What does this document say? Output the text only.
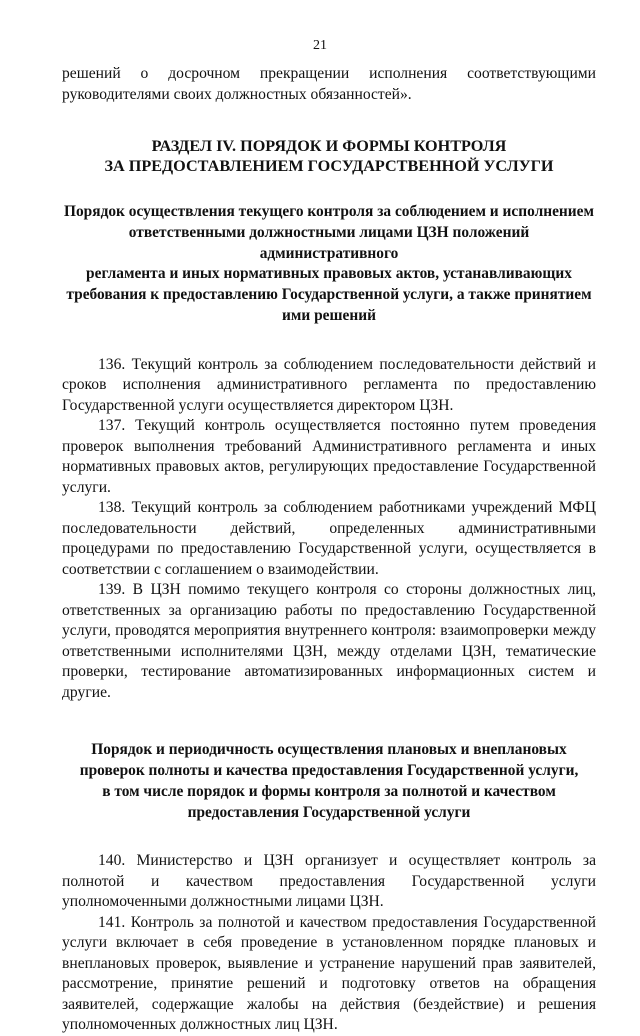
21

решений о досрочном прекращении исполнения соответствующими руководителями своих должностных обязанностей».

РАЗДЕЛ IV. ПОРЯДОК И ФОРМЫ КОНТРОЛЯ
ЗА ПРЕДОСТАВЛЕНИЕМ ГОСУДАРСТВЕННОЙ УСЛУГИ
Порядок осуществления текущего контроля за соблюдением и исполнением
ответственными должностными лицами ЦЗН положений административного
регламента и иных нормативных правовых актов, устанавливающих
требования к предоставлению Государственной услуги, а также принятием
ими решений

136. Текущий контроль за соблюдением последовательности действий и сроков исполнения административного регламента по предоставлению Государственной услуги осуществляется директором ЦЗН.

137. Текущий контроль осуществляется постоянно путем проведения проверок выполнения требований Административного регламента и иных нормативных правовых актов, регулирующих предоставление Государственной услуги.

138. Текущий контроль за соблюдением работниками учреждений МФЦ последовательности действий, определенных административными процедурами по предоставлению Государственной услуги, осуществляется в соответствии с соглашением о взаимодействии.

139. В ЦЗН помимо текущего контроля со стороны должностных лиц, ответственных за организацию работы по предоставлению Государственной услуги, проводятся мероприятия внутреннего контроля: взаимопроверки между ответственными исполнителями ЦЗН, между отделами ЦЗН, тематические проверки, тестирование автоматизированных информационных систем и другие.

Порядок и периодичность осуществления плановых и внеплановых
проверок полноты и качества предоставления Государственной услуги,
в том числе порядок и формы контроля за полнотой и качеством
предоставления Государственной услуги

140. Министерство и ЦЗН организует и осуществляет контроль за полнотой и качеством предоставления Государственной услуги уполномоченными должностными лицами ЦЗН.

141. Контроль за полнотой и качеством предоставления Государственной услуги включает в себя проведение в установленном порядке плановых и внеплановых проверок, выявление и устранение нарушений прав заявителей, рассмотрение, принятие решений и подготовку ответов на обращения заявителей, содержащие жалобы на действия (бездействие) и решения уполномоченных должностных лиц ЦЗН.
